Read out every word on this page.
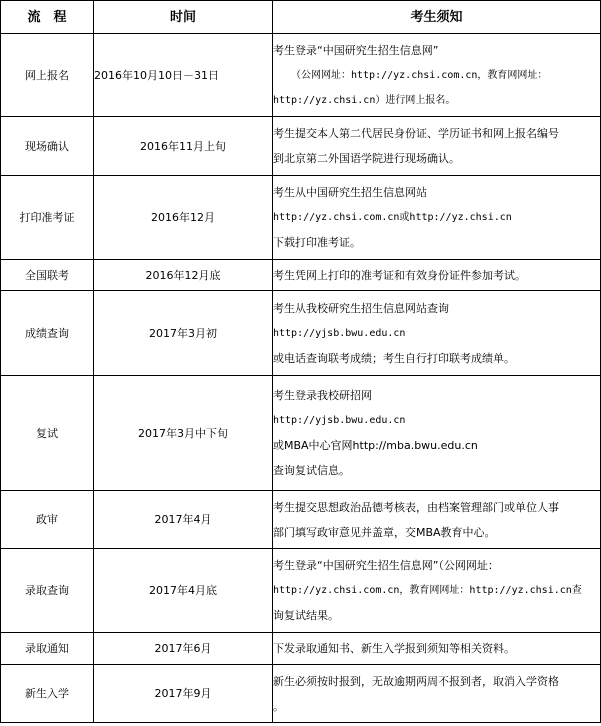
流　程	时间	考生须知
网上报名	2016年10月10日－31日	考生登录“中国研究生招生信息网”
（公网网址：http://yz.chsi.com.cn，教育网网址：
http://yz.chsi.cn）进行网上报名。

现场确认	2016年11月上旬	考生提交本人第二代居民身份证、学历证书和网上报名编号
到北京第二外国语学院进行现场确认。

打印准考证	2016年12月	考生从中国研究生招生信息网站
http://yz.chsi.com.cn或http://yz.chsi.cn
下载打印准考证。

全国联考	2016年12月底	考生凭网上打印的准考证和有效身份证件参加考试。

成绩查询	2017年3月初	考生从我校研究生招生信息网站查询
http://yjsb.bwu.edu.cn
或电话查询联考成绩；考生自行打印联考成绩单。

复试	2017年3月中下旬	考生登录我校研招网
http://yjsb.bwu.edu.cn
或MBA中心官网http://mba.bwu.edu.cn
查询复试信息。

政审	2017年4月	考生提交思想政治品德考核表，由档案管理部门或单位人事
部门填写政审意见并盖章，交MBA教育中心。

录取查询	2017年4月底	考生登录“中国研究生招生信息网”（公网网址：
http://yz.chsi.com.cn，教育网网址：http://yz.chsi.cn查
询复试结果。

录取通知	2017年6月	下发录取通知书、新生入学报到须知等相关资料。

新生入学	2017年9月	新生必须按时报到，无故逾期两周不报到者，取消入学资格
。
